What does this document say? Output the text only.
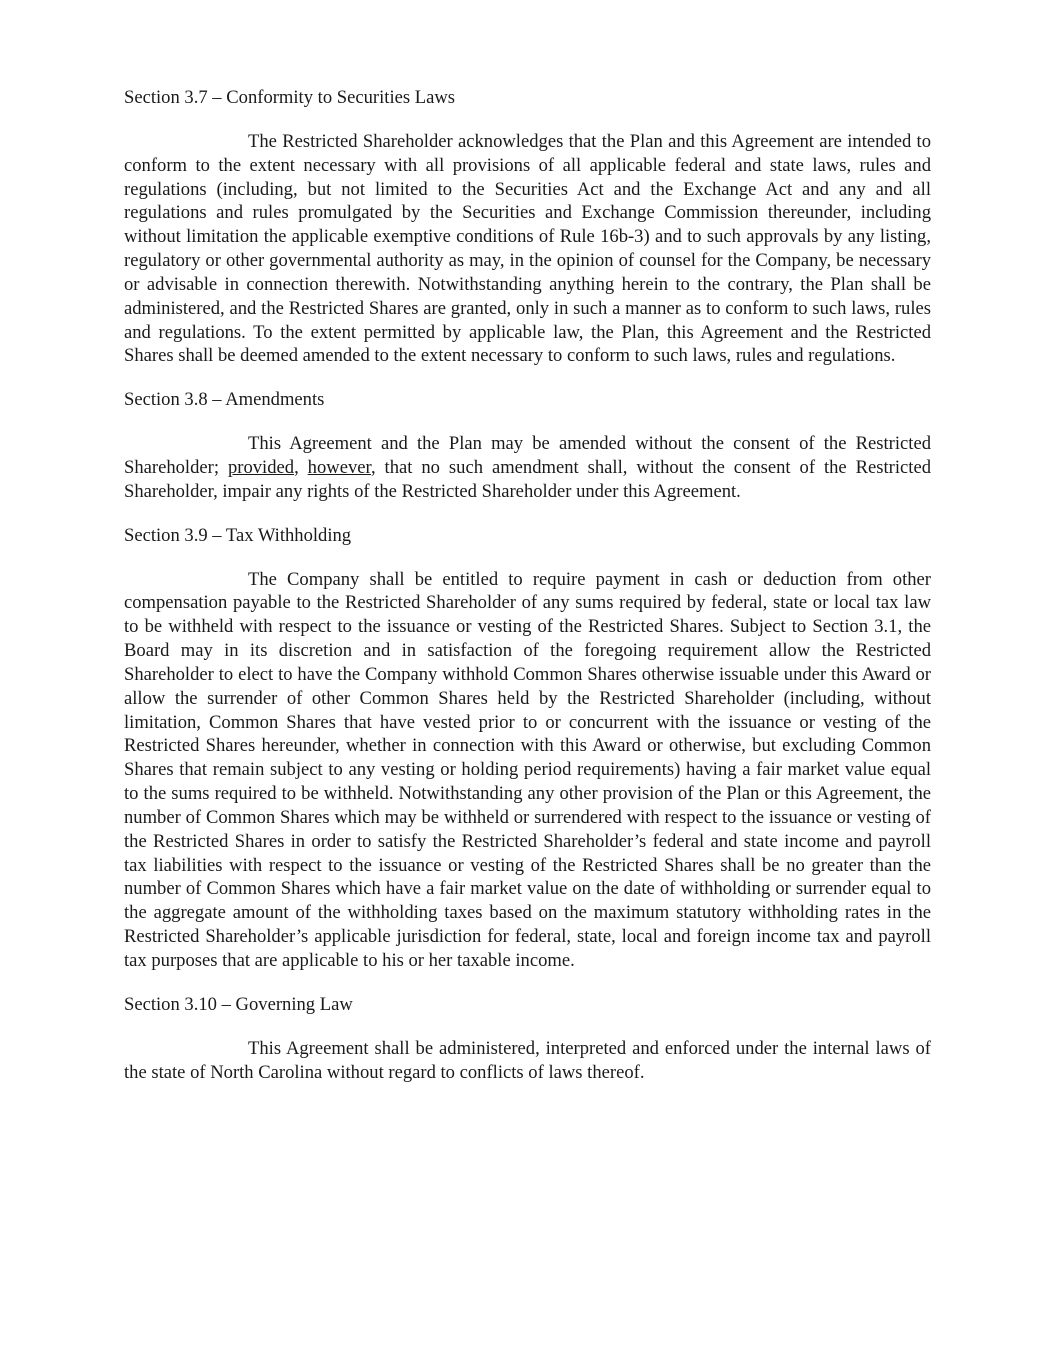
Section 3.7 – Conformity to Securities Laws

The Restricted Shareholder acknowledges that the Plan and this Agreement are intended to conform to the extent necessary with all provisions of all applicable federal and state laws, rules and regulations (including, but not limited to the Securities Act and the Exchange Act and any and all regulations and rules promulgated by the Securities and Exchange Commission thereunder, including without limitation the applicable exemptive conditions of Rule 16b-3) and to such approvals by any listing, regulatory or other governmental authority as may, in the opinion of counsel for the Company, be necessary or advisable in connection therewith. Notwithstanding anything herein to the contrary, the Plan shall be administered, and the Restricted Shares are granted, only in such a manner as to conform to such laws, rules and regulations. To the extent permitted by applicable law, the Plan, this Agreement and the Restricted Shares shall be deemed amended to the extent necessary to conform to such laws, rules and regulations.

Section 3.8 – Amendments

This Agreement and the Plan may be amended without the consent of the Restricted Shareholder; provided, however, that no such amendment shall, without the consent of the Restricted Shareholder, impair any rights of the Restricted Shareholder under this Agreement.

Section 3.9 – Tax Withholding

The Company shall be entitled to require payment in cash or deduction from other compensation payable to the Restricted Shareholder of any sums required by federal, state or local tax law to be withheld with respect to the issuance or vesting of the Restricted Shares. Subject to Section 3.1, the Board may in its discretion and in satisfaction of the foregoing requirement allow the Restricted Shareholder to elect to have the Company withhold Common Shares otherwise issuable under this Award or allow the surrender of other Common Shares held by the Restricted Shareholder (including, without limitation, Common Shares that have vested prior to or concurrent with the issuance or vesting of the Restricted Shares hereunder, whether in connection with this Award or otherwise, but excluding Common Shares that remain subject to any vesting or holding period requirements) having a fair market value equal to the sums required to be withheld. Notwithstanding any other provision of the Plan or this Agreement, the number of Common Shares which may be withheld or surrendered with respect to the issuance or vesting of the Restricted Shares in order to satisfy the Restricted Shareholder’s federal and state income and payroll tax liabilities with respect to the issuance or vesting of the Restricted Shares shall be no greater than the number of Common Shares which have a fair market value on the date of withholding or surrender equal to the aggregate amount of the withholding taxes based on the maximum statutory withholding rates in the Restricted Shareholder’s applicable jurisdiction for federal, state, local and foreign income tax and payroll tax purposes that are applicable to his or her taxable income.

Section 3.10 – Governing Law

This Agreement shall be administered, interpreted and enforced under the internal laws of the state of North Carolina without regard to conflicts of laws thereof.
